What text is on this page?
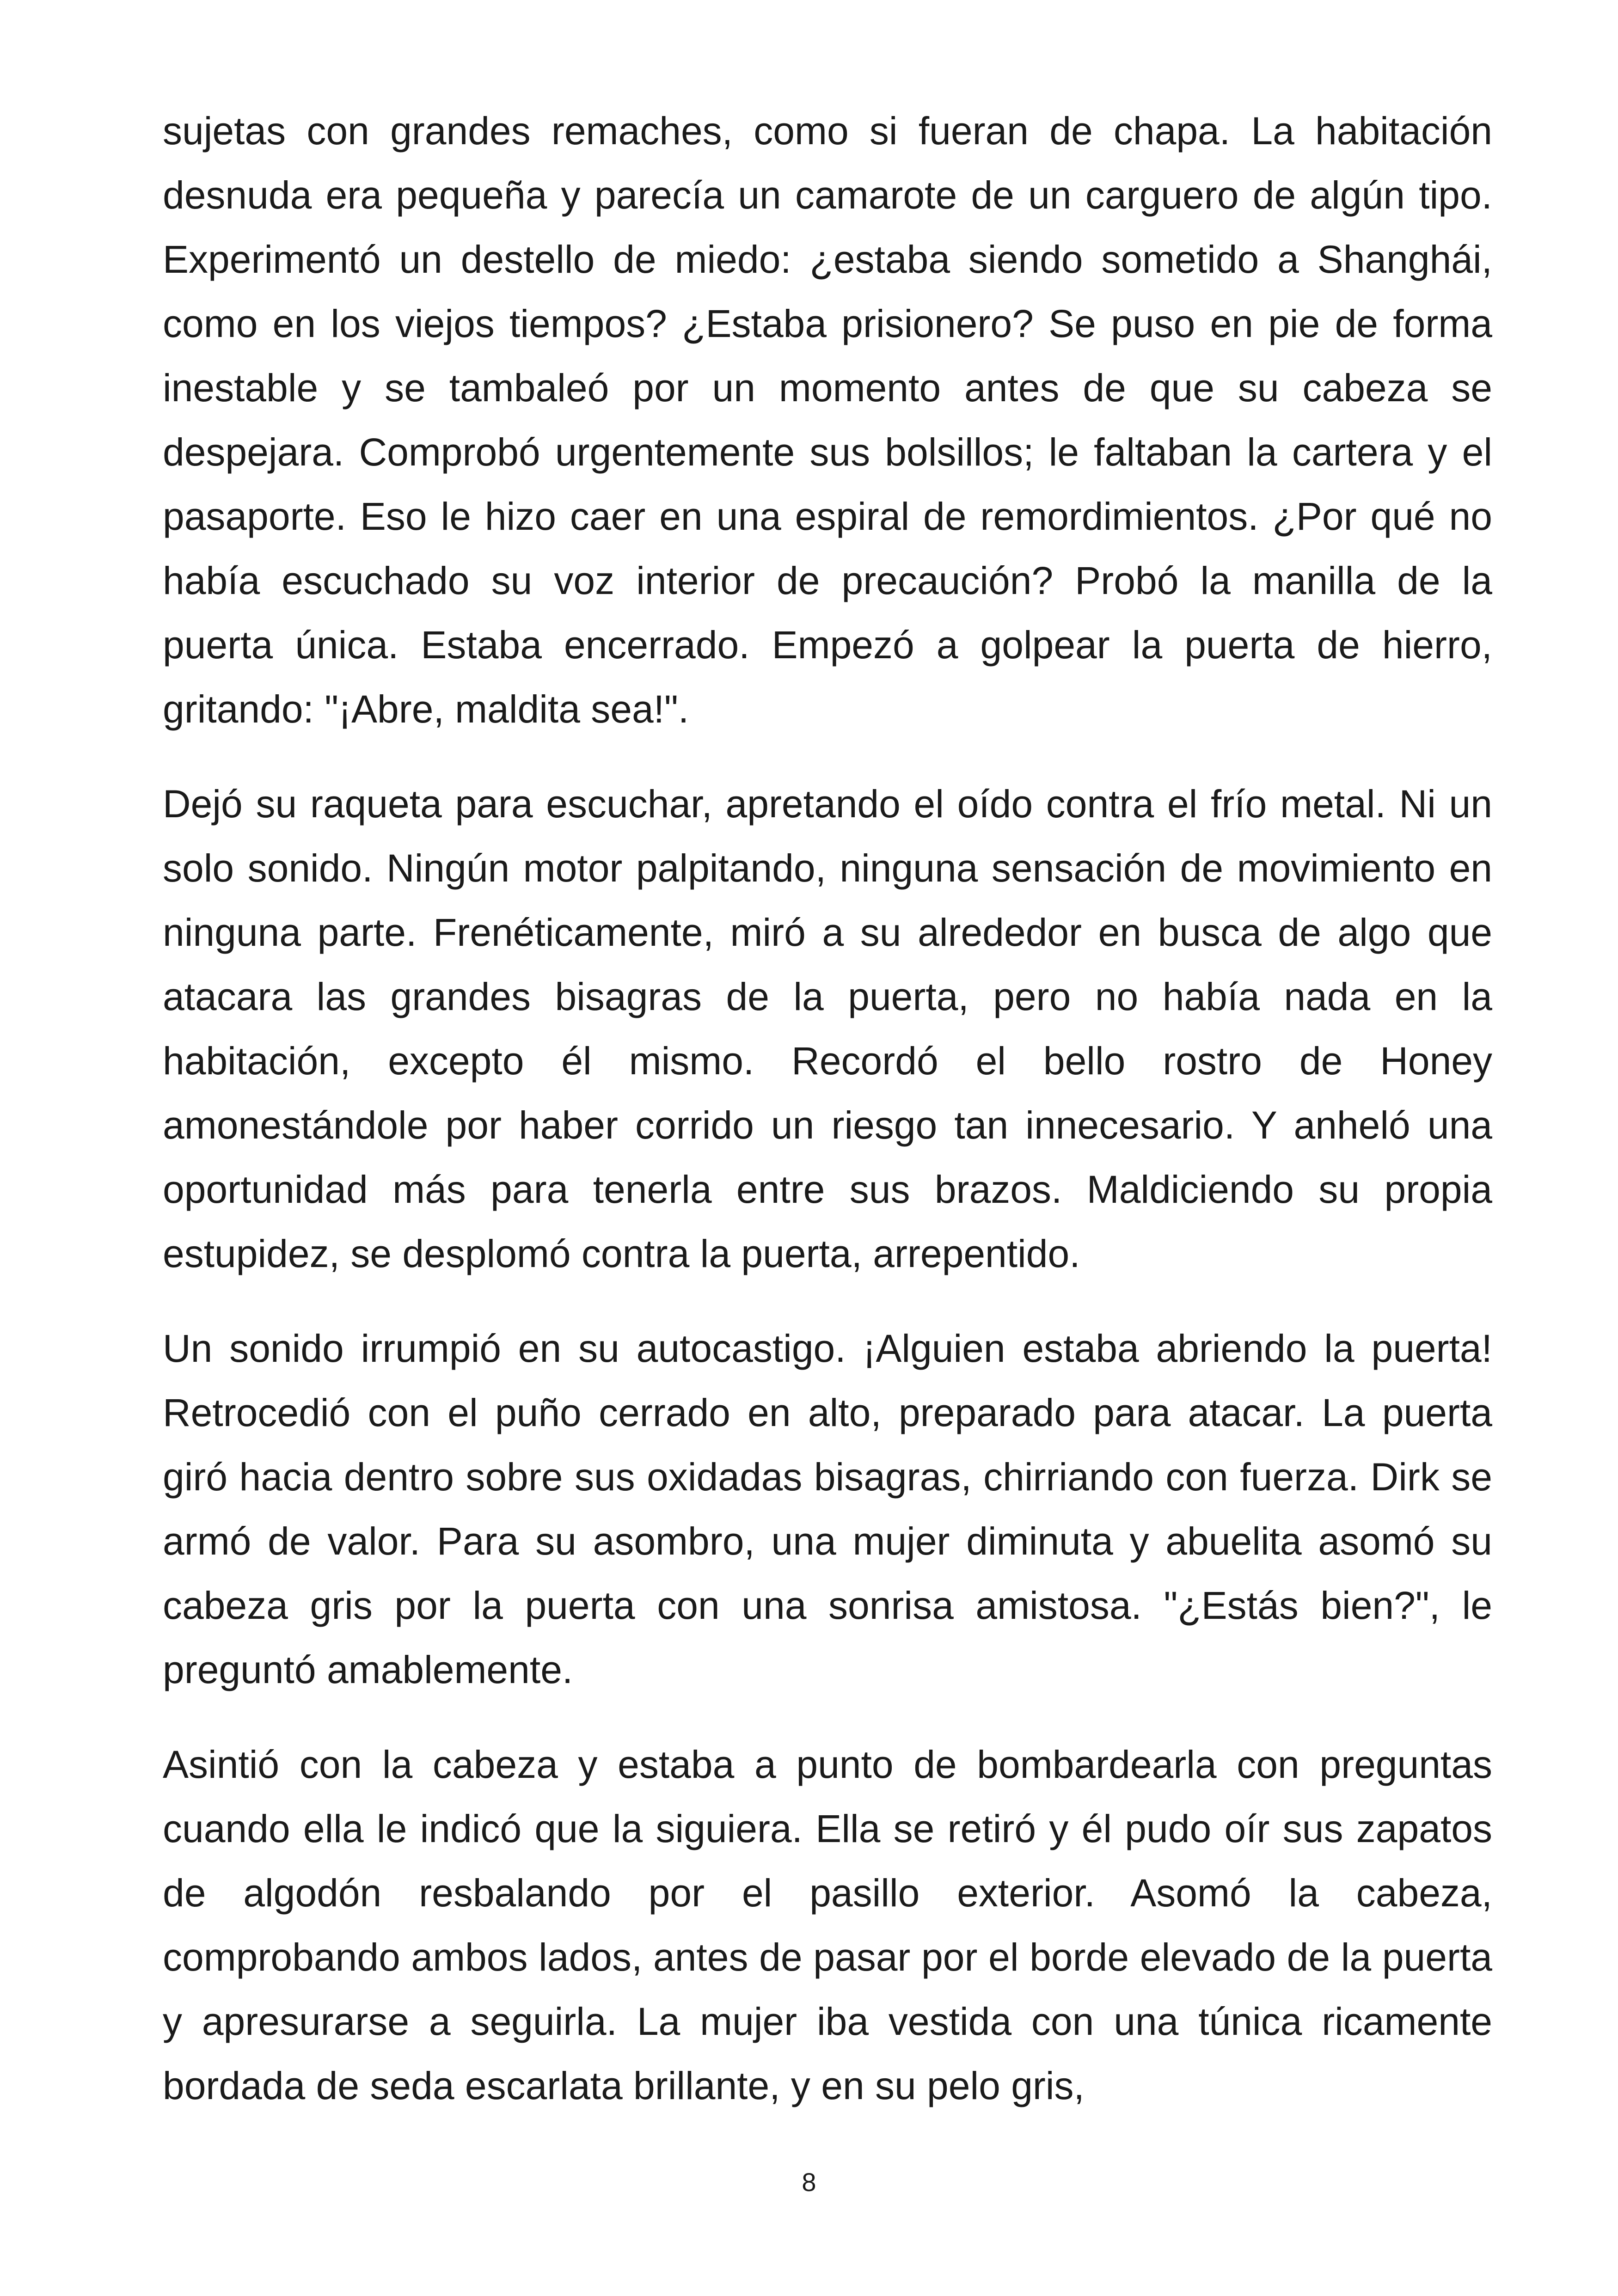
sujetas con grandes remaches, como si fueran de chapa. La habitación desnuda era pequeña y parecía un camarote de un carguero de algún tipo. Experimentó un destello de miedo: ¿estaba siendo sometido a Shanghái, como en los viejos tiempos? ¿Estaba prisionero? Se puso en pie de forma inestable y se tambaleó por un momento antes de que su cabeza se despejara. Comprobó urgentemente sus bolsillos; le faltaban la cartera y el pasaporte. Eso le hizo caer en una espiral de remordimientos. ¿Por qué no había escuchado su voz interior de precaución? Probó la manilla de la puerta única. Estaba encerrado. Empezó a golpear la puerta de hierro, gritando: "¡Abre, maldita sea!".

Dejó su raqueta para escuchar, apretando el oído contra el frío metal. Ni un solo sonido. Ningún motor palpitando, ninguna sensación de movimiento en ninguna parte. Frenéticamente, miró a su alrededor en busca de algo que atacara las grandes bisagras de la puerta, pero no había nada en la habitación, excepto él mismo. Recordó el bello rostro de Honey amonestándole por haber corrido un riesgo tan innecesario. Y anheló una oportunidad más para tenerla entre sus brazos. Maldiciendo su propia estupidez, se desplomó contra la puerta, arrepentido.

Un sonido irrumpió en su autocastigo. ¡Alguien estaba abriendo la puerta! Retrocedió con el puño cerrado en alto, preparado para atacar. La puerta giró hacia dentro sobre sus oxidadas bisagras, chirriando con fuerza. Dirk se armó de valor. Para su asombro, una mujer diminuta y abuelita asomó su cabeza gris por la puerta con una sonrisa amistosa. "¿Estás bien?", le preguntó amablemente.

Asintió con la cabeza y estaba a punto de bombardearla con preguntas cuando ella le indicó que la siguiera. Ella se retiró y él pudo oír sus zapatos de algodón resbalando por el pasillo exterior. Asomó la cabeza, comprobando ambos lados, antes de pasar por el borde elevado de la puerta y apresurarse a seguirla. La mujer iba vestida con una túnica ricamente bordada de seda escarlata brillante, y en su pelo gris,

8
